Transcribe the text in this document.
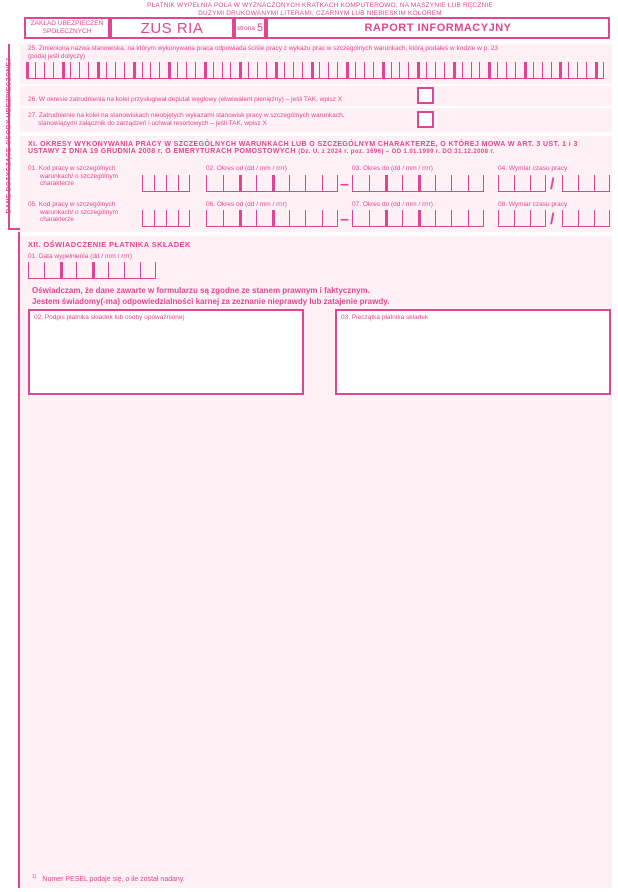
PŁATNIK WYPEŁNIA POLA W WYZNACZONYCH KRATKACH KOMPUTEROWO, NA MASZYNIE LUB RĘCZNIE
DUŻYMI DRUKOWANYMI LITERAMI, CZARNYM LUB NIEBIESKIM KOLOREM
ZAKŁAD UBEZPIECZEŃ
SPOŁECZNYCH	ZUS RIA	strona 5	RAPORT INFORMACYJNY
DANE DOTYCZĄCE OSOBY UBEZPIECZONEJ
25. Zmieniona nazwa stanowiska, na którym wykonywana praca odpowiada ściśle pracy z wykazu prac w szczególnych warunkach, którą podałeś w kodzie w p. 23
(podaj jeśli dotyczy)
26. W okresie zatrudnienia na kolei przysługiwał deputat węglowy (ekwiwalent pieniężny) – jeśli TAK, wpisz X
27. Zatrudnienie na kolei na stanowiskach nieobjętych wykazami stanowisk pracy w szczególnych warunkach,
stanowiącymi załącznik do zarządzeń i uchwał resortowych – jeśli TAK, wpisz X
XI. OKRESY WYKONYWANIA PRACY W SZCZEGÓLNYCH WARUNKACH LUB O SZCZEGÓLNYM CHARAKTERZE, O KTÓREJ MOWA W ART. 3 UST. 1 i 3
USTAWY Z DNIA 19 GRUDNIA 2008 r. O EMERYTURACH POMOSTOWYCH (Dz. U. z 2024 r. poz. 1696) – OD 1.01.1999 r. DO 31.12.2008 r.
01. Kod pracy w szczególnych
warunkach/ o szczególnym
charakterze
02. Okres od (dd / mm / rrrr)
–
03. Okres do (dd / mm / rrrr)	04. Wymiar czasu pracy
/
05. Kod pracy w szczególnych
warunkach/ o szczególnym
charakterze
06. Okres od (dd / mm / rrrr)
–
07. Okres do (dd / mm / rrrr)	08. Wymiar czasu pracy
/
XII. OŚWIADCZENIE PŁATNIKA SKŁADEK
01. Data wypełnienia (dd / mm / rrrr)
Oświadczam, że dane zawarte w formularzu są zgodne ze stanem prawnym i faktycznym.
Jestem świadomy(-ma) odpowiedzialności karnej za zeznanie nieprawdy lub zatajenie prawdy.
02. Podpis płatnika składek lub osoby upoważnionej	03. Pieczątka płatnika składek
$^{1)}$ Numer PESEL podaje się, o ile został nadany.
